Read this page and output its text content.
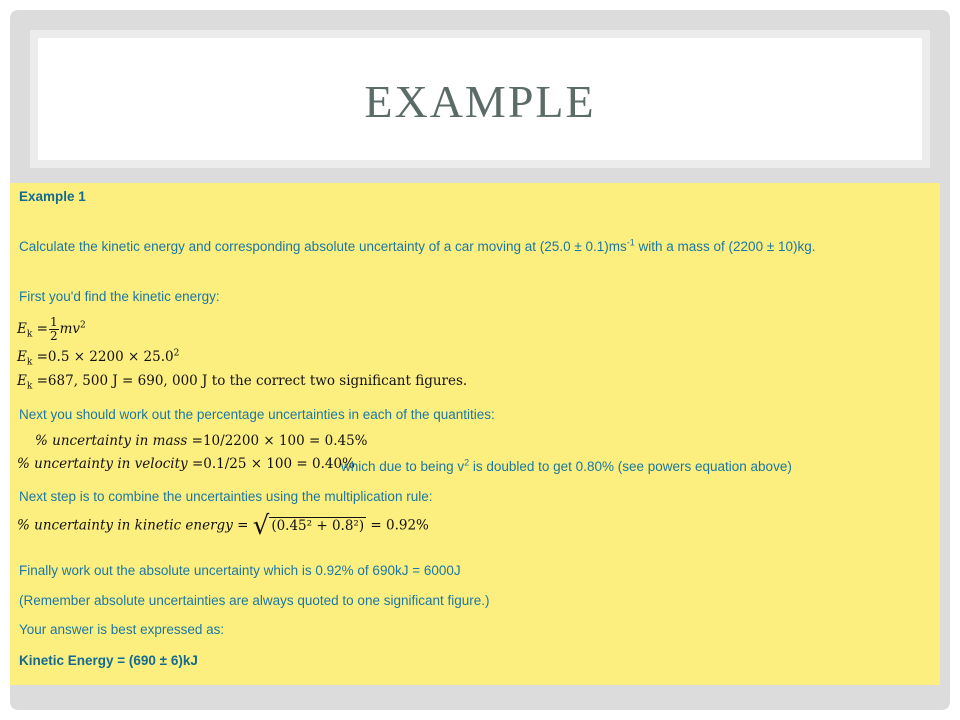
EXAMPLE
Example 1
Calculate the kinetic energy and corresponding absolute uncertainty of a car moving at $(25.0 \pm 0.1)ms^{-1}$ with a mass of (2200 ± 10)kg.
First you'd find the kinetic energy:
$E_k = \frac{1}{2} mv^2$
$E_k =0.5 \times 2200 \times 25.0^2$
$E_k =687$, 500 J = 690, 000 J to the correct two significant figures.
Next you should work out the percentage uncertainties in each of the quantities:
% uncertainty in mass =10/2200 × 100 = 0.45%
% uncertainty in velocity =0.1/25 × 100 = 0.40%
which due to being $v^2$ is doubled to get 0.80% (see powers equation above)
Next step is to combine the uncertainties using the multiplication rule:
% uncertainty in kinetic energy = √ (0.45² + 0.8²) = 0.92%
Finally work out the absolute uncertainty which is 0.92% of 690kJ = 6000J
(Remember absolute uncertainties are always quoted to one significant figure.)
Your answer is best expressed as:
Kinetic Energy = (690 ± 6)kJ
